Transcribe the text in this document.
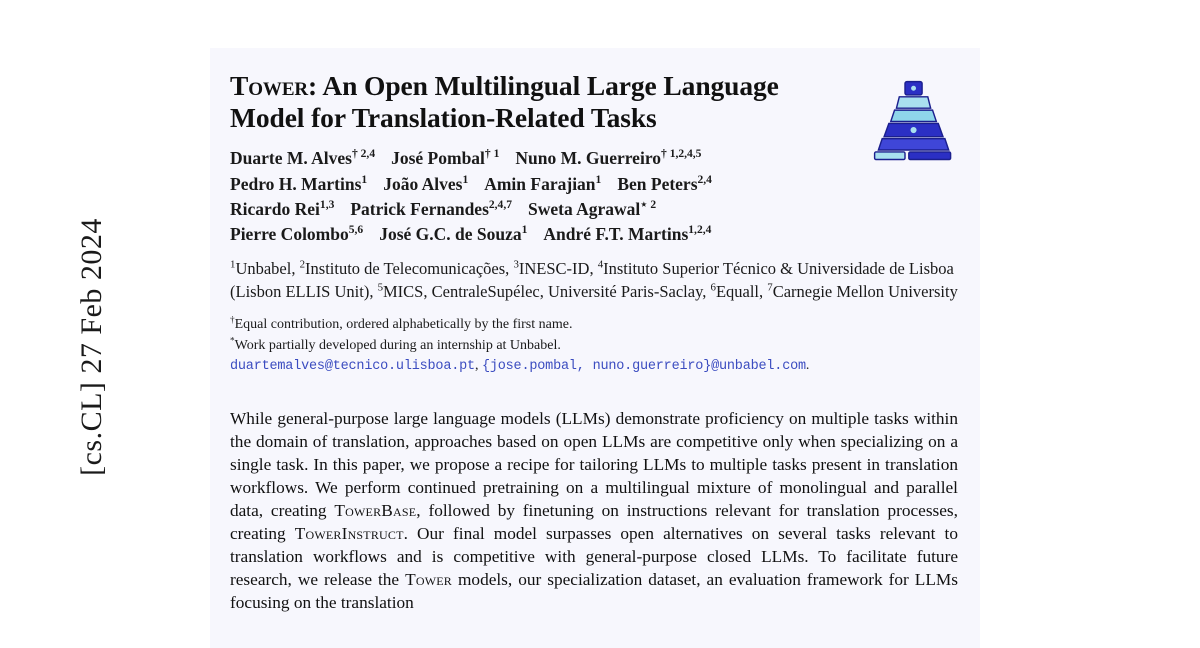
[cs.CL] 27 Feb 2024
Tower: An Open Multilingual Large Language
Model for Translation-Related Tasks
Duarte M. Alves$^{\dagger 2,4}$ José Pombal$^{\dagger 1}$ Nuno M. Guerreiro$^{\dagger 1,2,4,5}$
Pedro H. Martins$^1$ João Alves$^1$ Amin Farajian$^1$ Ben Peters$^{2,4}$
Ricardo Rei$^{1,3}$ Patrick Fernandes$^{2,4,7}$ Sweta Agrawal$^{⋆ 2}$
Pierre Colombo$^{5,6}$ José G.C. de Souza$^1$ André F.T. Martins$^{1,2,4}$
$^1$Unbabel, $^2$Instituto de Telecomunicações, $^3$INESC-ID, $^4$Instituto Superior Técnico & Universidade de Lisboa (Lisbon ELLIS Unit), $^5$MICS, CentraleSupélec, Université Paris-Saclay, $^6$Equall, $^7$Carnegie Mellon University
†Equal contribution, ordered alphabetically by the first name.
*Work partially developed during an internship at Unbabel.
duartemalves@tecnico.ulisboa.pt, {jose.pombal, nuno.guerreiro}@unbabel.com.
While general-purpose large language models (LLMs) demonstrate proficiency on multiple tasks within the domain of translation, approaches based on open LLMs are competitive only when specializing on a single task. In this paper, we propose a recipe for tailoring LLMs to multiple tasks present in translation workflows. We perform continued pretraining on a multilingual mixture of monolingual and parallel data, creating TowerBase, followed by finetuning on instructions relevant for translation processes, creating TowerInstruct. Our final model surpasses open alternatives on several tasks relevant to translation workflows and is competitive with general-purpose closed LLMs. To facilitate future research, we release the Tower models, our specialization dataset, an evaluation framework for LLMs focusing on the translation
